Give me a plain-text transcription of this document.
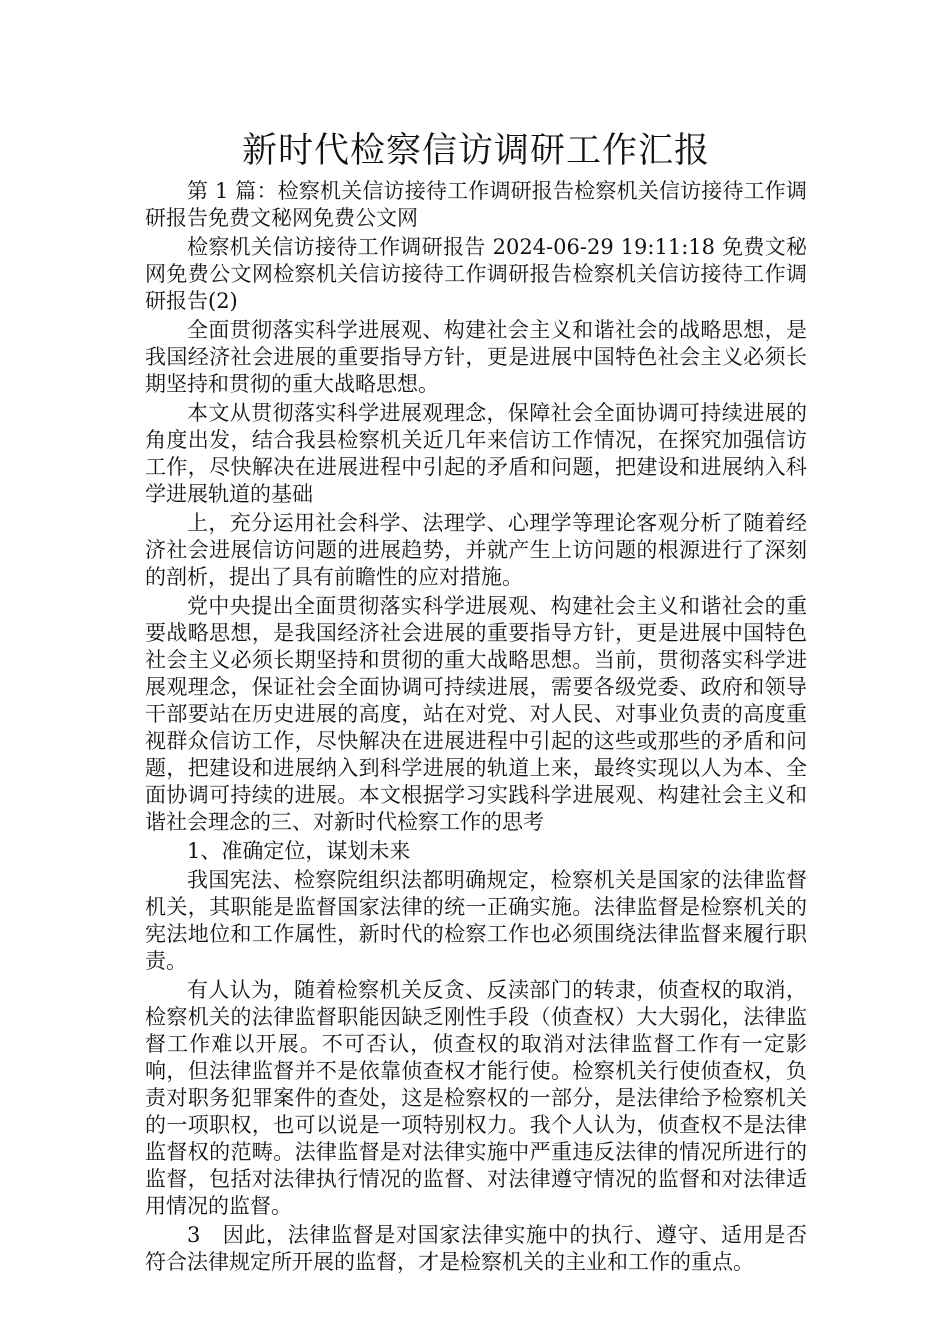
新时代检察信访调研工作汇报

第 1 篇：检察机关信访接待工作调研报告检察机关信访接待工作调研报告免费文秘网免费公文网

检察机关信访接待工作调研报告 2024-06-29 19:11:18 免费文秘网免费公文网检察机关信访接待工作调研报告检察机关信访接待工作调研报告(2)

全面贯彻落实科学进展观、构建社会主义和谐社会的战略思想，是我国经济社会进展的重要指导方针，更是进展中国特色社会主义必须长期坚持和贯彻的重大战略思想。

本文从贯彻落实科学进展观理念，保障社会全面协调可持续进展的角度出发，结合我县检察机关近几年来信访工作情况，在探究加强信访工作，尽快解决在进展进程中引起的矛盾和问题，把建设和进展纳入科学进展轨道的基础

上，充分运用社会科学、法理学、心理学等理论客观分析了随着经济社会进展信访问题的进展趋势，并就产生上访问题的根源进行了深刻的剖析，提出了具有前瞻性的应对措施。

党中央提出全面贯彻落实科学进展观、构建社会主义和谐社会的重要战略思想，是我国经济社会进展的重要指导方针，更是进展中国特色社会主义必须长期坚持和贯彻的重大战略思想。当前，贯彻落实科学进展观理念，保证社会全面协调可持续进展，需要各级党委、政府和领导干部要站在历史进展的高度，站在对党、对人民、对事业负责的高度重视群众信访工作，尽快解决在进展进程中引起的这些或那些的矛盾和问题，把建设和进展纳入到科学进展的轨道上来，最终实现以人为本、全面协调可持续的进展。本文根据学习实践科学进展观、构建社会主义和谐社会理念的三、对新时代检察工作的思考

1、准确定位，谋划未来

我国宪法、检察院组织法都明确规定，检察机关是国家的法律监督机关，其职能是监督国家法律的统一正确实施。法律监督是检察机关的宪法地位和工作属性，新时代的检察工作也必须围绕法律监督来履行职责。

有人认为，随着检察机关反贪、反渎部门的转隶，侦查权的取消，检察机关的法律监督职能因缺乏刚性手段（侦查权）大大弱化，法律监督工作难以开展。不可否认，侦查权的取消对法律监督工作有一定影响，但法律监督并不是依靠侦查权才能行使。检察机关行使侦查权，负责对职务犯罪案件的查处，这是检察权的一部分，是法律给予检察机关的一项职权，也可以说是一项特别权力。我个人认为，侦查权不是法律监督权的范畴。法律监督是对法律实施中严重违反法律的情况所进行的监督，包括对法律执行情况的监督、对法律遵守情况的监督和对法律适用情况的监督。

3　因此，法律监督是对国家法律实施中的执行、遵守、适用是否符合法律规定所开展的监督，才是检察机关的主业和工作的重点。
